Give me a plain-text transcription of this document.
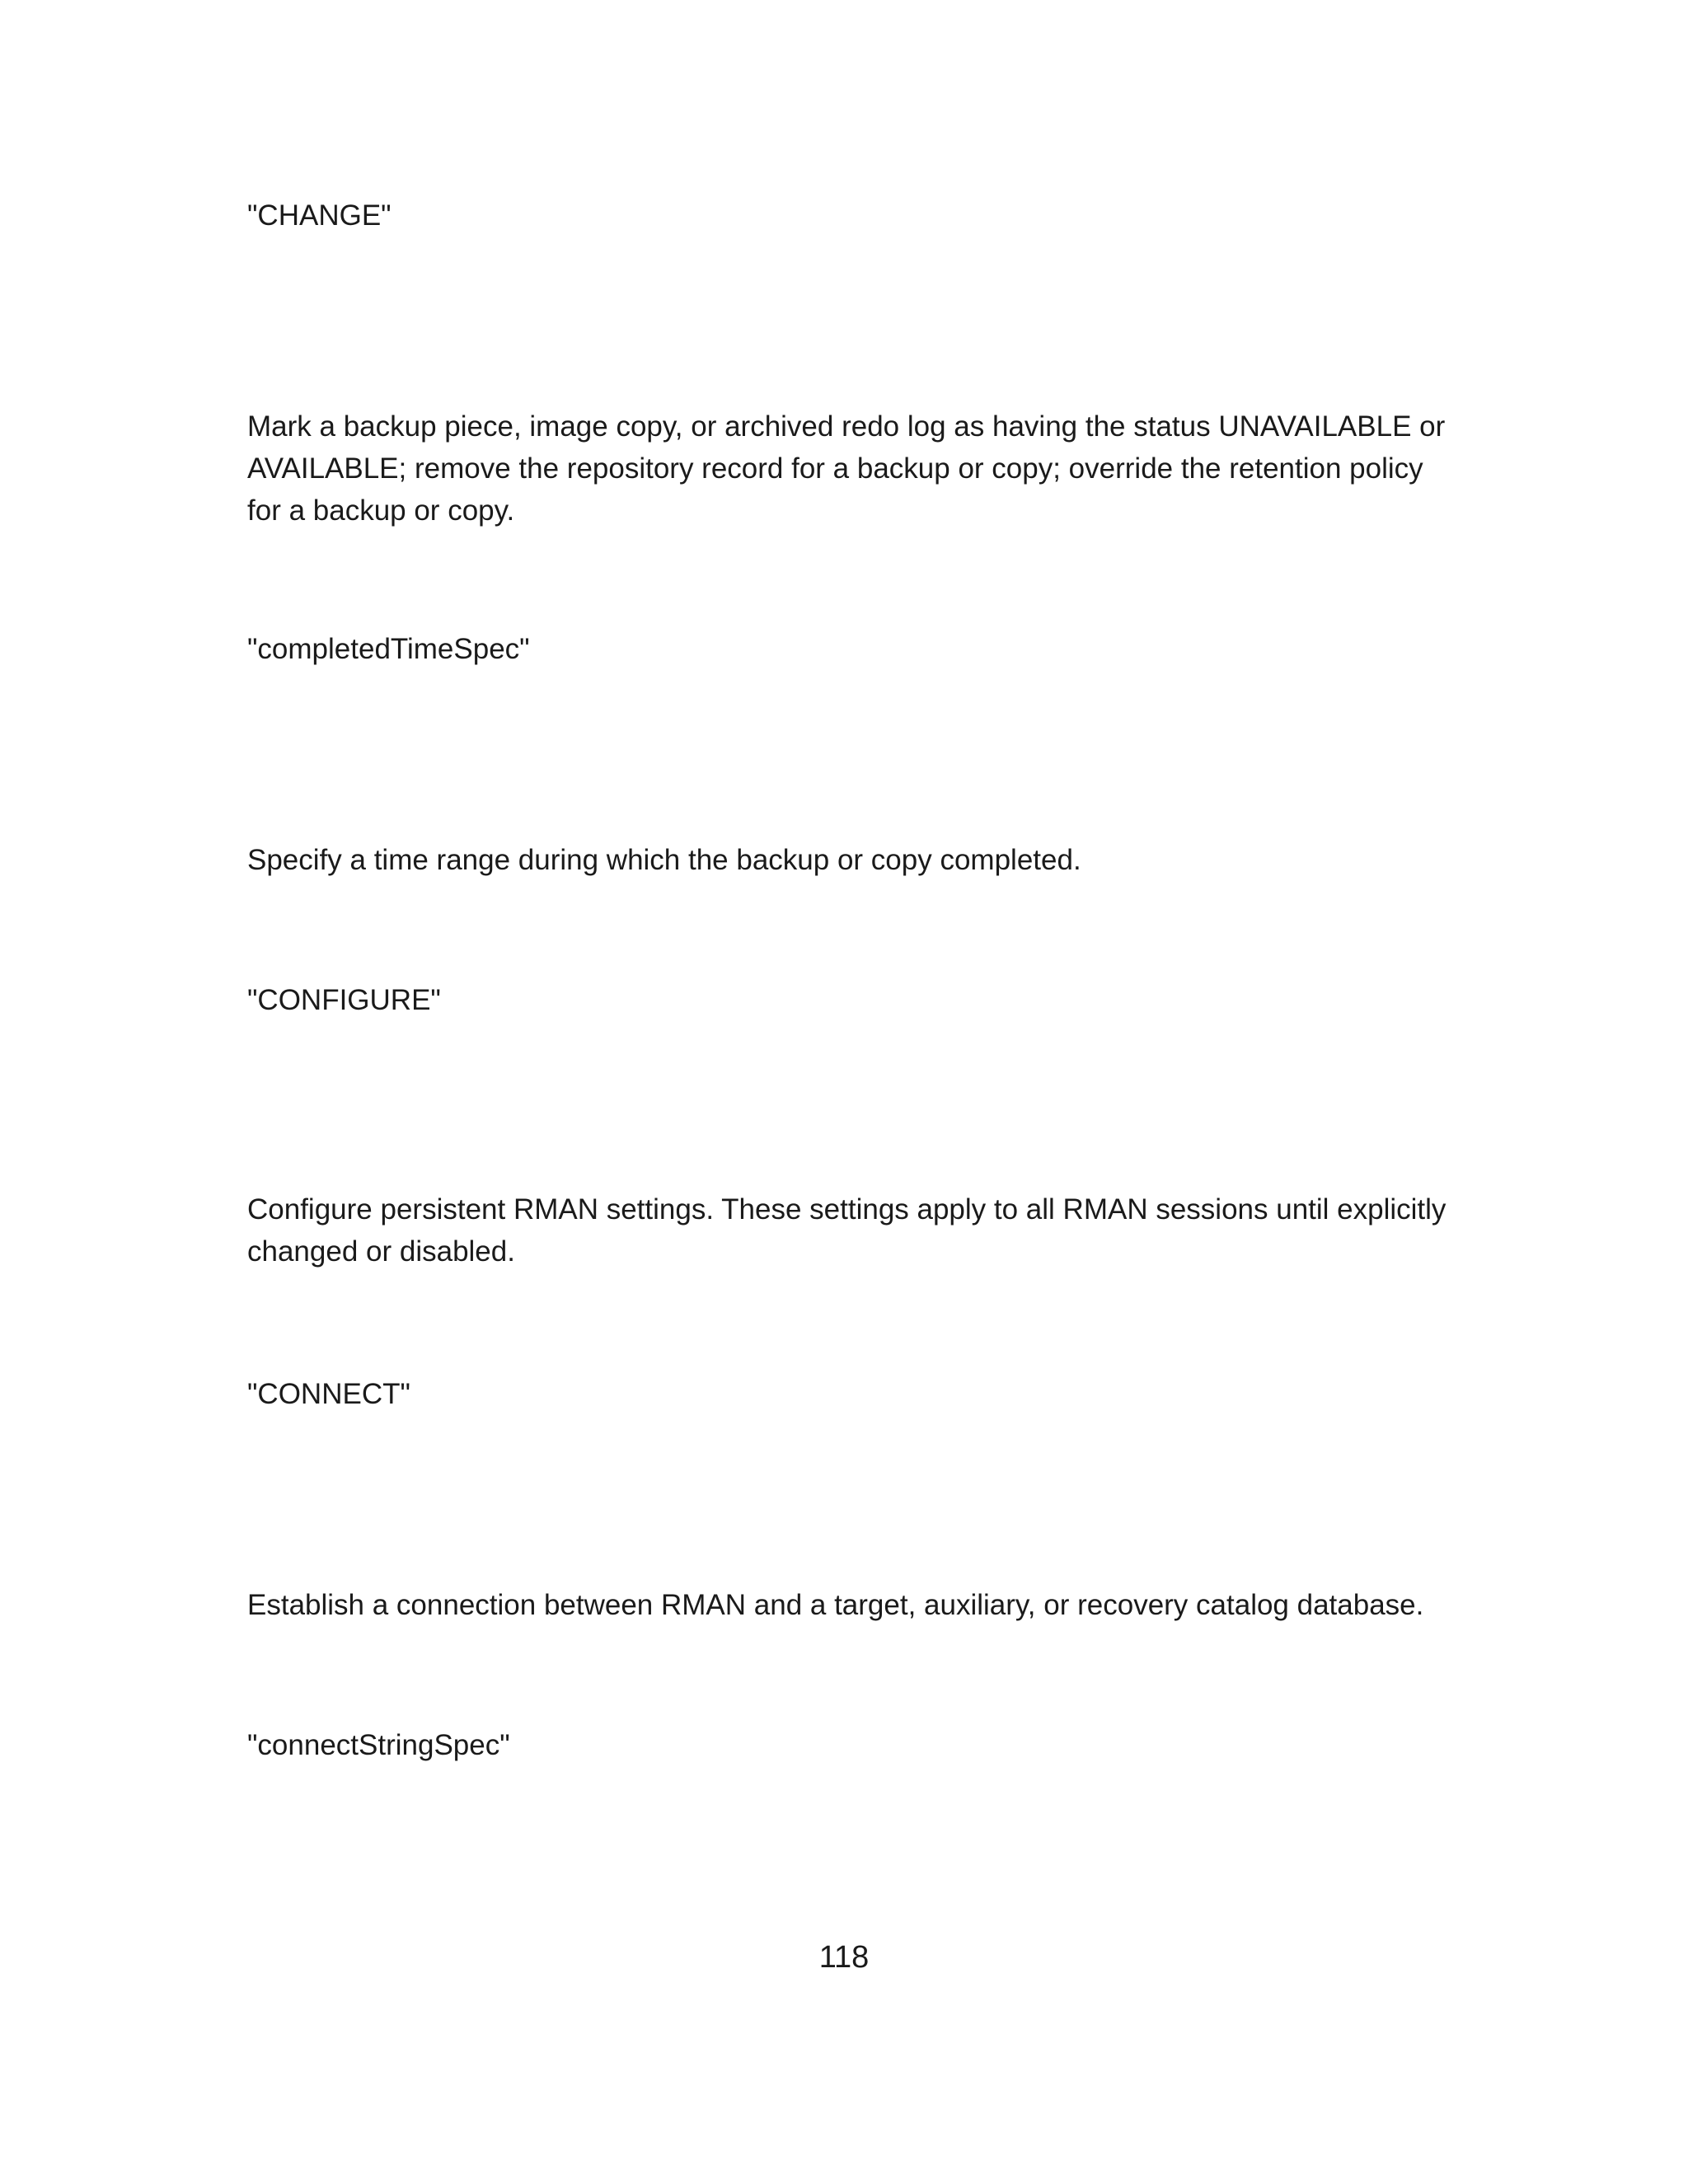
"CHANGE"

Mark a backup piece, image copy, or archived redo log as having the status UNAVAILABLE or AVAILABLE; remove the repository record for a backup or copy; override the retention policy for a backup or copy.

"completedTimeSpec"

Specify a time range during which the backup or copy completed.

"CONFIGURE"

Configure persistent RMAN settings. These settings apply to all RMAN sessions until explicitly changed or disabled.

"CONNECT"

Establish a connection between RMAN and a target, auxiliary, or recovery catalog database.

"connectStringSpec"

118
